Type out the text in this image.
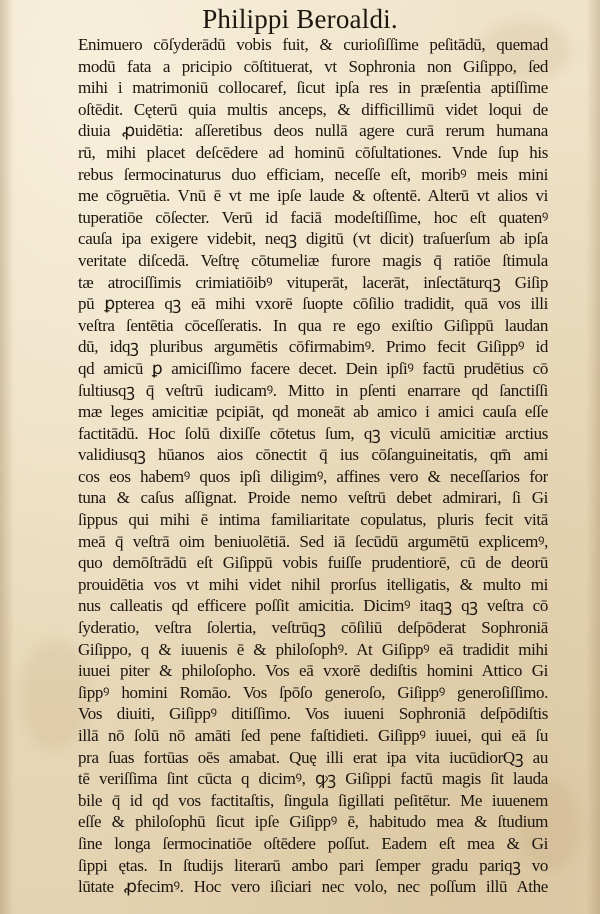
Philippi Beroaldi.
Enimuero cōſyderādū vobis fuit, & curioſiſſime peſitādū, quemad
modū fata a pricipio cōſtituerat, vt Sophronia non Giſippo, ſed
mihi i matrimoniū collocaref, ſicut ipſa res in præſentia aptiſſime
oſtēdit. Cęterū quia multis anceps, & difficillimū videt loqui de
diuia ꝓuidētia: aſſeretibus deos nullā agere curā rerum humana
rū, mihi placet deſcēdere ad hominū cōſultationes. Vnde ſup his
rebus ſermocinaturus duo efficiam, neceſſe eſt, moribꝰ meis mini
me cōgruētia. Vnū ē vt me ipſe laude & oſtentē. Alterū vt alios vi
tuperatiōe cōſecter. Verū id faciā modeſtiſſime, hoc eſt quatenꝰ
cauſa ipa exigere videbit, neqꝫ digitū (vt dicit) traſuerſum ab ipſa
veritate diſcedā. Veſtrę cōtumeliæ furore magis q̄ ratiōe ſtimula
tæ atrociſſimis crimiatiōibꝰ vituperāt, lacerāt, inſectāturqꝫ Giſip
pū ꝑpterea qꝫ eā mihi vxorē ſuopte cōſilio tradidit, quā vos illi
veſtra ſentētia cōceſſeratis. In qua re ego exiſtio Giſippū laudan
dū, idqꝫ pluribus argumētis cōfirmabimꝰ. Primo fecit Giſippꝰ id
qd amicū ꝑ amiciſſimo facere decet. Dein ipſiꝰ factū prudētius cō
ſultiusqꝫ q̄ veſtrū iudicamꝰ. Mitto in pſenti enarrare qd ſanctiſſi
mæ leges amicitiæ pcipiāt, qd moneāt ab amico i amici cauſa eſſe
factitādū. Hoc ſolū dixiſſe cōtetus ſum, qꝫ viculū amicitiæ arctius
validiusqꝫ hūanos aios cōnectit q̄ ius cōſanguineitatis, qm̄ ami
cos eos habemꝰ quos ipſi diligimꝰ, affines vero & neceſſarios for
tuna & caſus aſſignat. Proide nemo veſtrū debet admirari, ſi Gi
ſippus qui mihi ē intima familiaritate copulatus, pluris fecit vitā
meā q̄ veſtrā oim beniuolētiā. Sed iā ſecūdū argumētū explicemꝰ,
quo demōſtrādū eſt Giſippū vobis fuiſſe prudentiorē, cū de deorū
prouidētia vos vt mihi videt nihil prorſus itelligatis, & multo mi
nus calleatis qd efficere poſſit amicitia. Dicimꝰ itaqꝫ qꝫ veſtra cō
ſyderatio, veſtra ſolertia, veſtrūqꝫ cōſiliū deſpōderat Sophroniā
Giſippo, q & iuuenis ē & philoſophꝰ. At Giſippꝰ eā tradidit mihi
iuuei piter & philoſopho. Vos eā vxorē dediſtis homini Attico Gi
ſippꝰ homini Romāo. Vos ſpōſo generoſo, Giſippꝰ generoſiſſimo.
Vos diuiti, Giſippꝰ ditiſſimo. Vos iuueni Sophroniā deſpōdiſtis
illā nō ſolū nō amāti ſed pene faſtidieti. Giſippꝰ iuuei, qui eā ſu
pra ſuas fortūas oēs amabat. Quę illi erat ipa vita iucūdiorQꝫ au
tē veriſſima ſint cūcta q dicimꝰ, ꝙꝫ Giſippi factū magis ſit lauda
bile q̄ id qd vos factitaſtis, ſingula ſigillati peſitētur. Me iuuenem
eſſe & philoſophū ſicut ipſe Giſippꝰ ē, habitudo mea & ſtudium
ſine longa ſermocinatiōe oſtēdere poſſut. Eadem eſt mea & Gi
ſippi ętas. In ſtudijs literarū ambo pari ſemper gradu pariqꝫ vo
lūtate ꝓfecimꝰ. Hoc vero iſiciari nec volo, nec poſſum illū Athe
